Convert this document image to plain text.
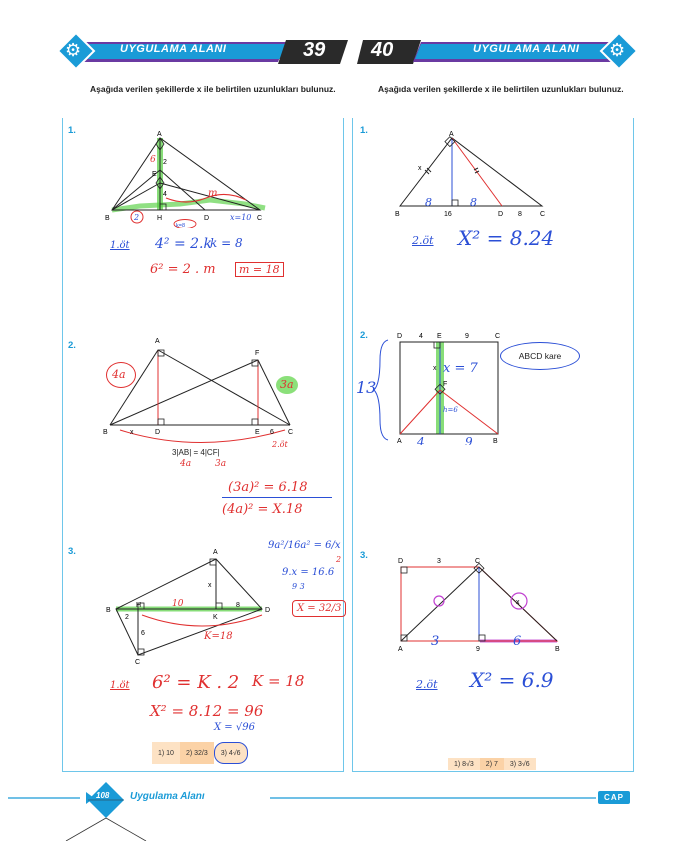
⚙	UYGULAMA ALANI	39	⚙
40	UYGULAMA ALANI
Aşağıda verilen şekillerde x ile belirtilen uzunlukları bulunuz.	Aşağıda verilen şekillerde x ile belirtilen uzunlukları bulunuz.
1.	A
E
B	H	D	C
2
4
6
m
2
k=8
x=10
1.öt 4² = 2.k
k = 8
6² = 2 . m	m = 18
2.	A
F
B	D	E	C
x	6
2.öt
4a
3a
3|AB| = 4|CF|
4a	3a
(3a)² = 6.18
(4a)² = X.18
9a²/16a² = 6/x
9.x = 16.6
9 3
X = 32/3
2
3.	A
B
H
K
D
C
2
8
6
x
10
K=18
1.öt 6² = K . 2 K = 18
X² = 8.12 = 96
X = √96
1) 10	2) 32/3	3) 4√6
1.	A
B	D	C
x
16	8
8	8
2.öt X² = 8.24
2.	D 4 E	9	C
x
F
A	B
x = 7
h=6
4	9
13
ABCD kare
3.
D	3	C
A	9	B
x
3	6
2.öt X² = 6.9
1) 8√3	2) 7	3) 3√6
108 Uygulama Alanı	CAP
